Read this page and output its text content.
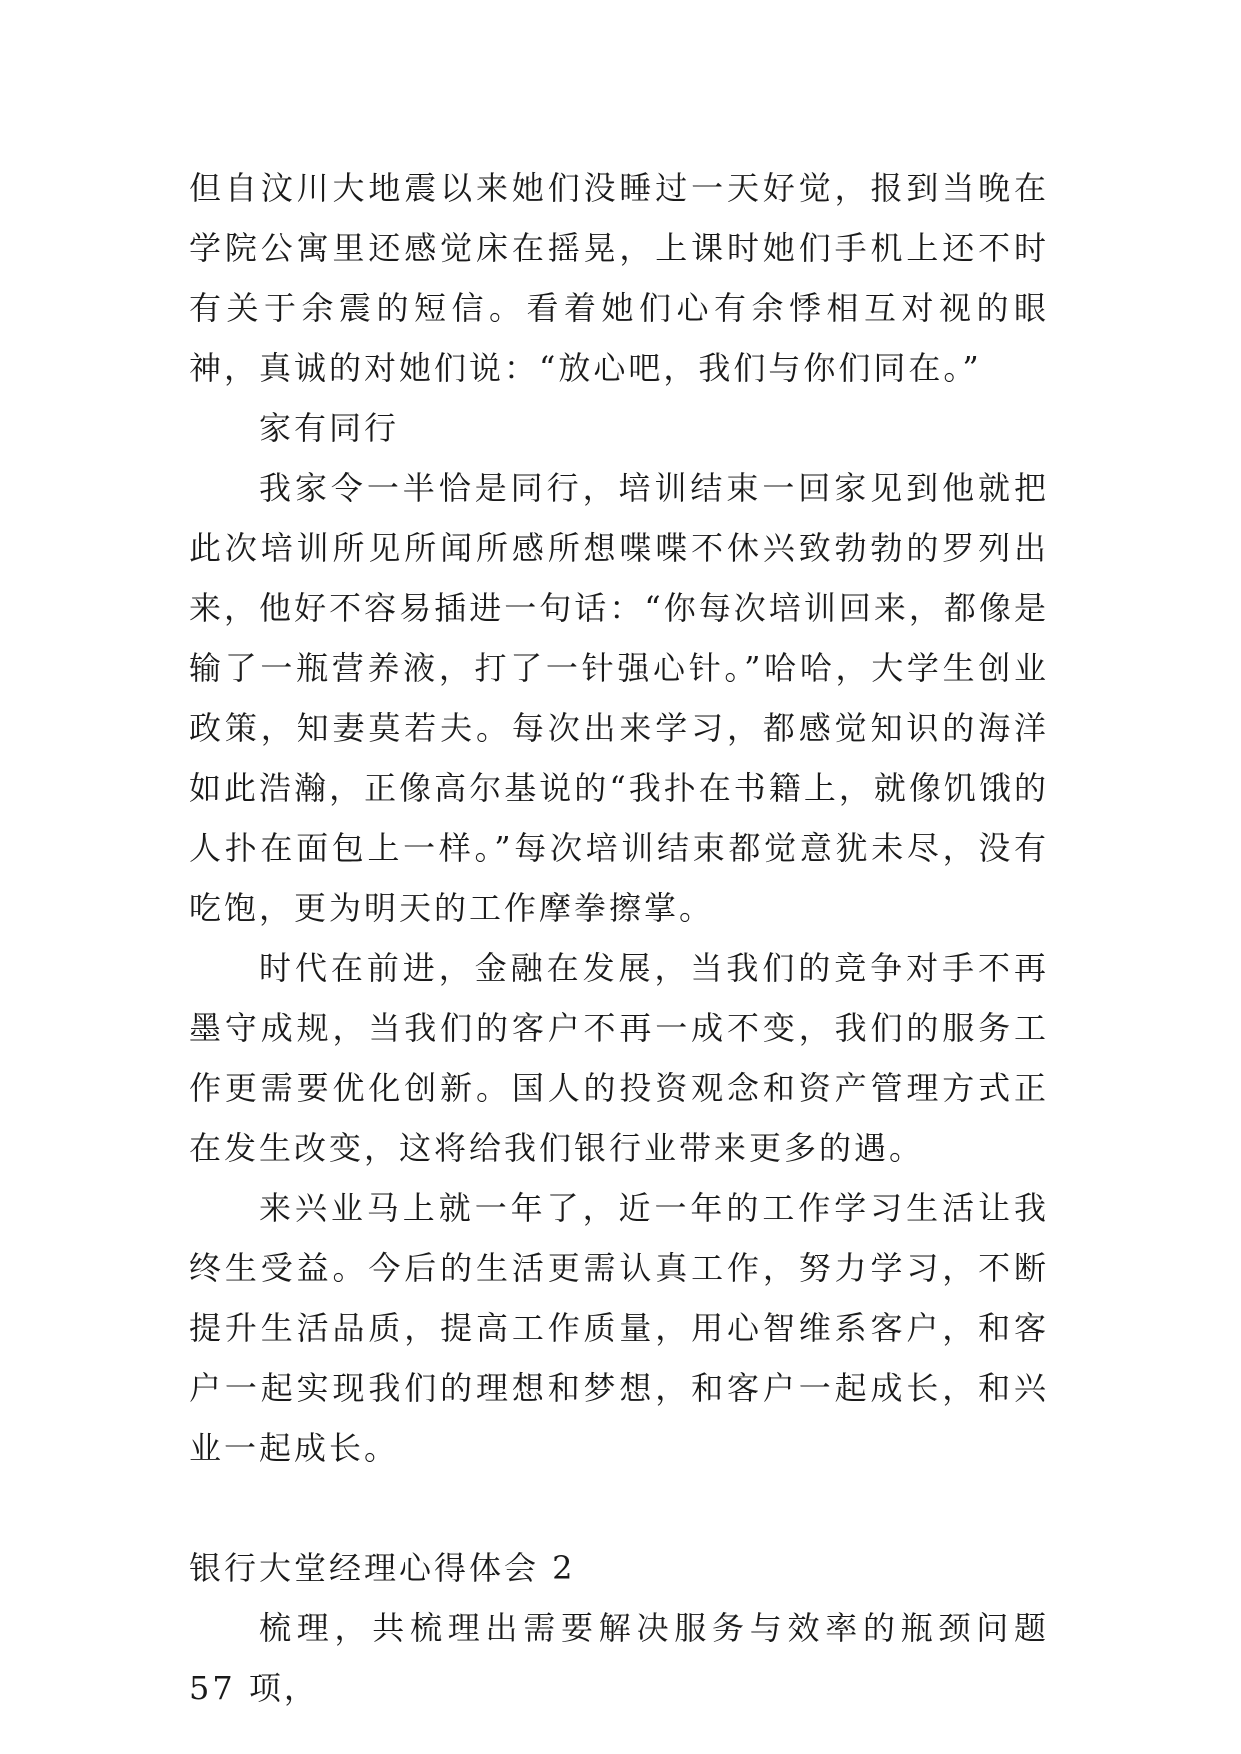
但自汶川大地震以来她们没睡过一天好觉，报到当晚在学院公寓里还感觉床在摇晃，上课时她们手机上还不时有关于余震的短信。看着她们心有余悸相互对视的眼神，真诚的对她们说：“放心吧，我们与你们同在。”

家有同行

我家令一半恰是同行，培训结束一回家见到他就把此次培训所见所闻所感所想喋喋不休兴致勃勃的罗列出来，他好不容易插进一句话：“你每次培训回来，都像是输了一瓶营养液，打了一针强心针。”哈哈，大学生创业政策，知妻莫若夫。每次出来学习，都感觉知识的海洋如此浩瀚，正像高尔基说的“我扑在书籍上，就像饥饿的人扑在面包上一样。”每次培训结束都觉意犹未尽，没有吃饱，更为明天的工作摩拳擦掌。

时代在前进，金融在发展，当我们的竞争对手不再墨守成规，当我们的客户不再一成不变，我们的服务工作更需要优化创新。国人的投资观念和资产管理方式正在发生改变，这将给我们银行业带来更多的遇。

来兴业马上就一年了，近一年的工作学习生活让我终生受益。今后的生活更需认真工作，努力学习，不断提升生活品质，提高工作质量，用心智维系客户，和客户一起实现我们的理想和梦想，和客户一起成长，和兴业一起成长。

银行大堂经理心得体会 2

梳理，共梳理出需要解决服务与效率的瓶颈问题 57 项，
